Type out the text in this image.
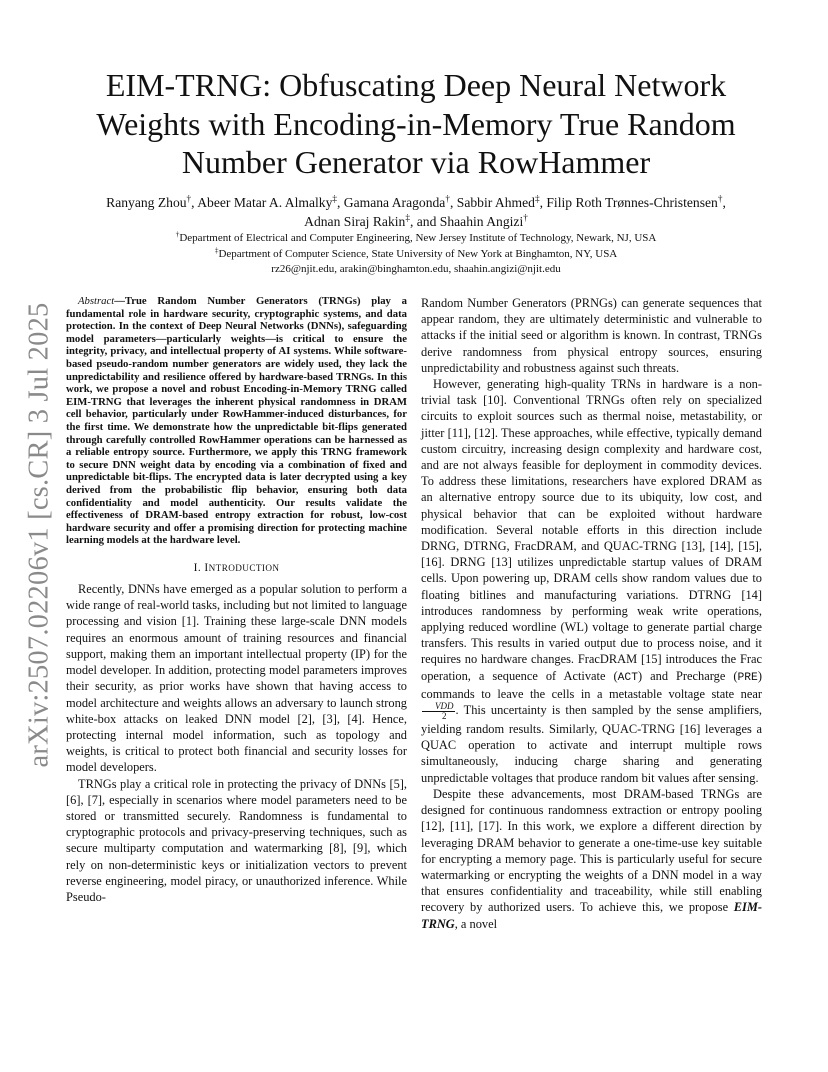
arXiv:2507.02206v1 [cs.CR] 3 Jul 2025
EIM-TRNG: Obfuscating Deep Neural Network
Weights with Encoding-in-Memory True Random
Number Generator via RowHammer
Ranyang Zhou†, Abeer Matar A. Almalky‡, Gamana Aragonda†, Sabbir Ahmed‡, Filip Roth Trønnes-Christensen†,
Adnan Siraj Rakin‡, and Shaahin Angizi†
†Department of Electrical and Computer Engineering, New Jersey Institute of Technology, Newark, NJ, USA
‡Department of Computer Science, State University of New York at Binghamton, NY, USA
rz26@njit.edu, arakin@binghamton.edu, shaahin.angizi@njit.edu

Abstract—True Random Number Generators (TRNGs) play a fundamental role in hardware security, cryptographic systems, and data protection. In the context of Deep Neural Networks (DNNs), safeguarding model parameters—particularly weights—is critical to ensure the integrity, privacy, and intellectual property of AI systems. While software-based pseudo-random number generators are widely used, they lack the unpredictability and resilience offered by hardware-based TRNGs. In this work, we propose a novel and robust Encoding-in-Memory TRNG called EIM-TRNG that leverages the inherent physical randomness in DRAM cell behavior, particularly under RowHammer-induced disturbances, for the first time. We demonstrate how the unpredictable bit-flips generated through carefully controlled RowHammer operations can be harnessed as a reliable entropy source. Furthermore, we apply this TRNG framework to secure DNN weight data by encoding via a combination of fixed and unpredictable bit-flips. The encrypted data is later decrypted using a key derived from the probabilistic flip behavior, ensuring both data confidentiality and model authenticity. Our results validate the effectiveness of DRAM-based entropy extraction for robust, low-cost hardware security and offer a promising direction for protecting machine learning models at the hardware level.

I. INTRODUCTION

Recently, DNNs have emerged as a popular solution to perform a wide range of real-world tasks, including but not limited to language processing and vision [1]. Training these large-scale DNN models requires an enormous amount of training resources and financial support, making them an important intellectual property (IP) for the model developer. In addition, protecting model parameters improves their security, as prior works have shown that having access to model architecture and weights allows an adversary to launch strong white-box attacks on leaked DNN model [2], [3], [4]. Hence, protecting internal model information, such as topology and weights, is critical to protect both financial and security losses for model developers.

TRNGs play a critical role in protecting the privacy of DNNs [5], [6], [7], especially in scenarios where model parameters need to be stored or transmitted securely. Randomness is fundamental to cryptographic protocols and privacy-preserving techniques, such as secure multiparty computation and watermarking [8], [9], which rely on non-deterministic keys or initialization vectors to prevent reverse engineering, model piracy, or unauthorized inference. While Pseudo-

Random Number Generators (PRNGs) can generate sequences that appear random, they are ultimately deterministic and vulnerable to attacks if the initial seed or algorithm is known. In contrast, TRNGs derive randomness from physical entropy sources, ensuring unpredictability and robustness against such threats.

However, generating high-quality TRNs in hardware is a non-trivial task [10]. Conventional TRNGs often rely on specialized circuits to exploit sources such as thermal noise, metastability, or jitter [11], [12]. These approaches, while effective, typically demand custom circuitry, increasing design complexity and hardware cost, and are not always feasible for deployment in commodity devices. To address these limitations, researchers have explored DRAM as an alternative entropy source due to its ubiquity, low cost, and physical behavior that can be exploited without hardware modification. Several notable efforts in this direction include DRNG, DTRNG, FracDRAM, and QUAC-TRNG [13], [14], [15], [16]. DRNG [13] utilizes unpredictable startup values of DRAM cells. Upon powering up, DRAM cells show random values due to floating bitlines and manufacturing variations. DTRNG [14] introduces randomness by performing weak write operations, applying reduced wordline (WL) voltage to generate partial charge transfers. This results in varied output due to process noise, and it requires no hardware changes. FracDRAM [15] introduces the Frac operation, a sequence of Activate (ACT) and Precharge (PRE) commands to leave the cells in a metastable voltage state near
$\frac{\text{VDD}}{2}$ . This uncertainty is then sampled by the sense amplifiers, yielding random results. Similarly, QUAC-TRNG [16] leverages a QUAC operation to activate and interrupt multiple rows simultaneously, inducing charge sharing and generating unpredictable voltages that produce random bit values after sensing.

Despite these advancements, most DRAM-based TRNGs are designed for continuous randomness extraction or entropy pooling [12], [11], [17]. In this work, we explore a different direction by leveraging DRAM behavior to generate a one-time-use key suitable for encrypting a memory page. This is particularly useful for secure watermarking or encrypting the weights of a DNN model in a way that ensures confidentiality and traceability, while still enabling recovery by authorized users. To achieve this, we propose EIM-TRNG, a novel
